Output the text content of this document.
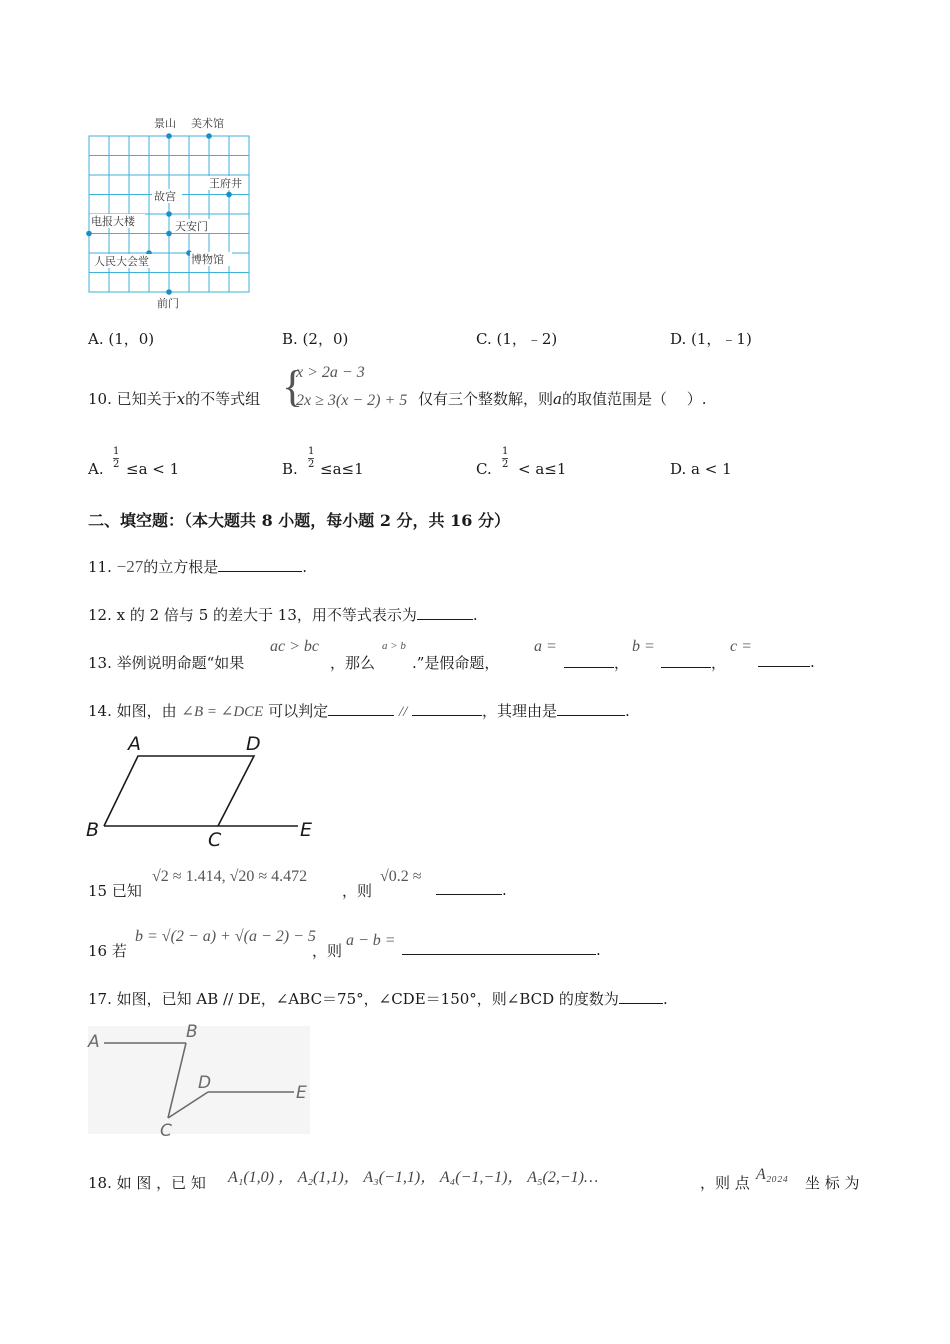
景山 美术馆
王府井
故宫
电报大楼	天安门
人民大会堂	博物馆
前门
A. (1，0)	B. (2，0)	C. (1，﹣2)	D. (1，﹣1)
10. 已知关于x的不等式组 {
x > 2a − 3
2x ≥ 3(x − 2) + 5 仅有三个整数解，则a的取值范围是（　 ）.
A.
1
2 ≤a < 1	B.
1
2 ≤a≤1	C.
1
2 < a≤1	D. a < 1
二、填空题：（本大题共 8 小题，每小题 2 分，共 16 分）
11. −27的立方根是	.
12. x 的 2 倍与 5 的差大于 13，用不等式表示为	.
13. 举例说明命题“如果
ac > bc
，那么
a > b
.”是假命题，
a =
，
b =
，
c =
.
14. 如图，由 ∠B = ∠DCE 可以判定	//	，其理由是	.
A	D
B	C	E
15 已知
√2 ≈ 1.414, √20 ≈ 4.472
，则
√0.2 ≈
.
16 若
b = √(2 − a) + √(a − 2) − 5
，则
a − b =
.
17. 如图，已知 AB // DE，∠ABC＝75°，∠CDE＝150°，则∠BCD 的度数为	.
A	B
C
D	E
18. 如 图 ，已 知 A₁(1,0) ， A₂(1,1)， A₃(−1,1)， A₄(−1,−1)， A₅(2,−1)…	，则 点 A₂₀₂₄ 坐 标 为
